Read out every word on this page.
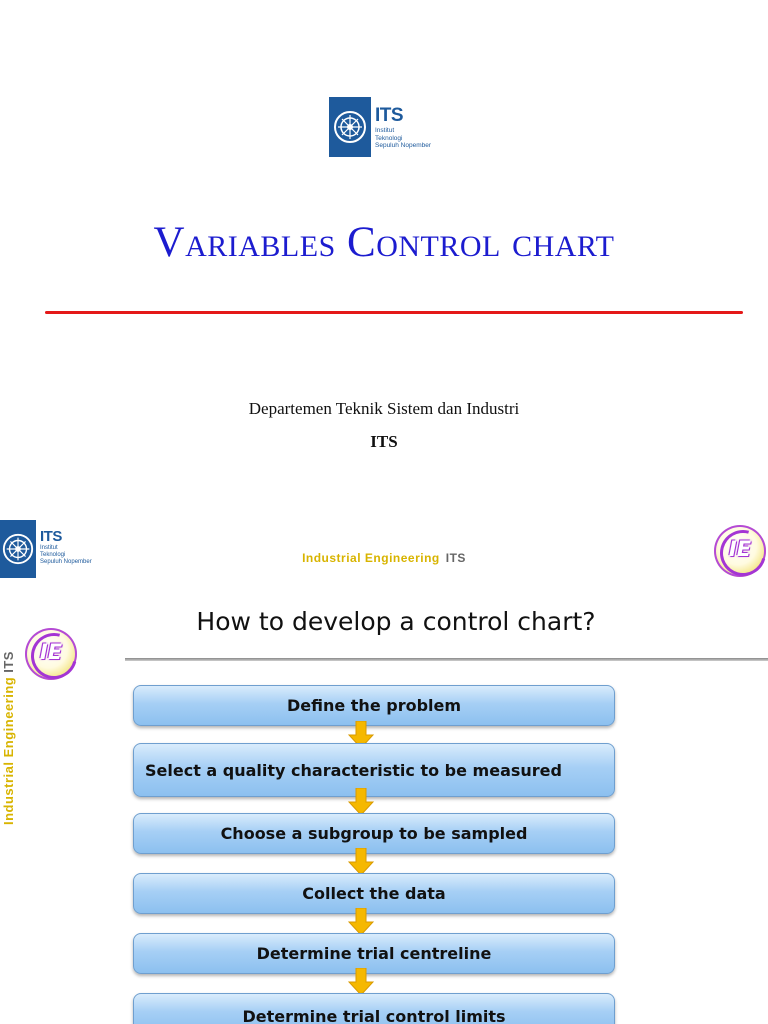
ITS
Institut
Teknologi
Sepuluh Nopember
Variables Control chart
Departemen Teknik Sistem dan Industri
ITS
ITS
Institut
Teknologi
Sepuluh Nopember	Industrial Engineering ITS	IE
Industrial EngineeringITS	IE
How to develop a control chart?
Define the problem
Select a quality characteristic to be measured
Choose a subgroup to be sampled
Collect the data
Determine trial centreline
Determine trial control limits
